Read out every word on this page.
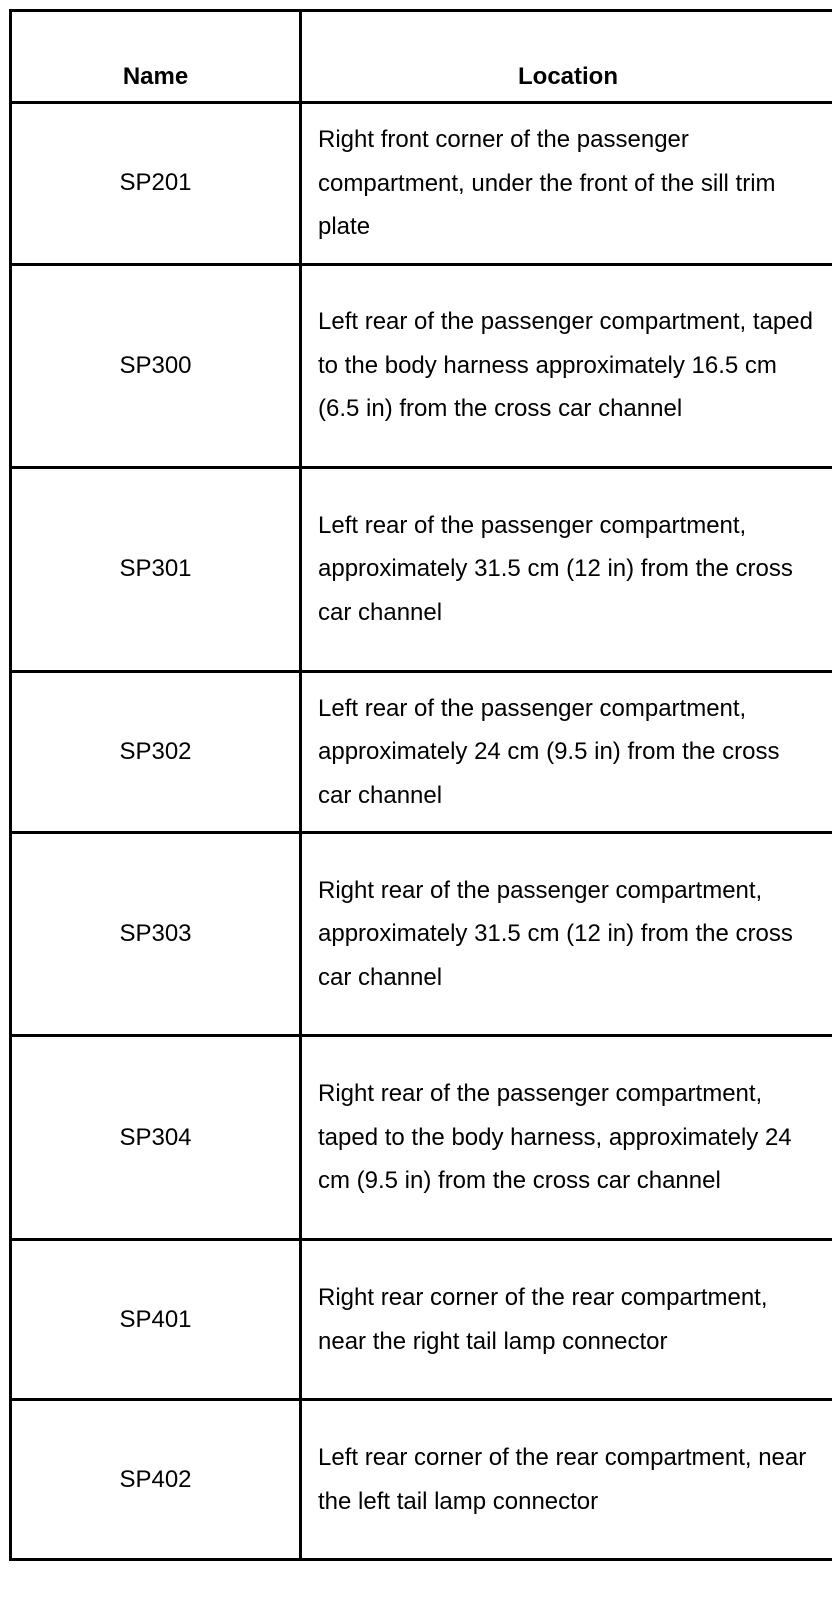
Name	Location
SP201	Right front corner of the passenger compartment, under the front of the sill trim plate
SP300	Left rear of the passenger compartment, taped to the body harness approximately 16.5 cm (6.5 in) from the cross car channel
SP301	Left rear of the passenger compartment, approximately 31.5 cm (12 in) from the cross car channel
SP302	Left rear of the passenger compartment, approximately 24 cm (9.5 in) from the cross car channel
SP303	Right rear of the passenger compartment, approximately 31.5 cm (12 in) from the cross car channel
SP304	Right rear of the passenger compartment, taped to the body harness, approximately 24 cm (9.5 in) from the cross car channel
SP401	Right rear corner of the rear compartment, near the right tail lamp connector
SP402	Left rear corner of the rear compartment, near the left tail lamp connector
